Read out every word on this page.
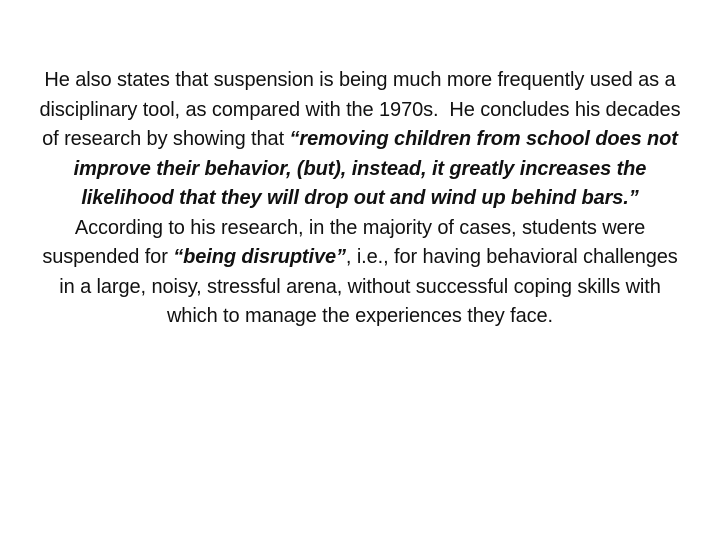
He also states that suspension is being much more frequently used as a disciplinary tool, as compared with the 1970s.  He concludes his decades of research by showing that “removing children from school does not improve their behavior, (but), instead, it greatly increases the likelihood that they will drop out and wind up behind bars.”   According to his research, in the majority of cases, students were suspended for “being disruptive”, i.e., for having behavioral challenges in a large, noisy, stressful arena, without successful coping skills with which to manage the experiences they face.
